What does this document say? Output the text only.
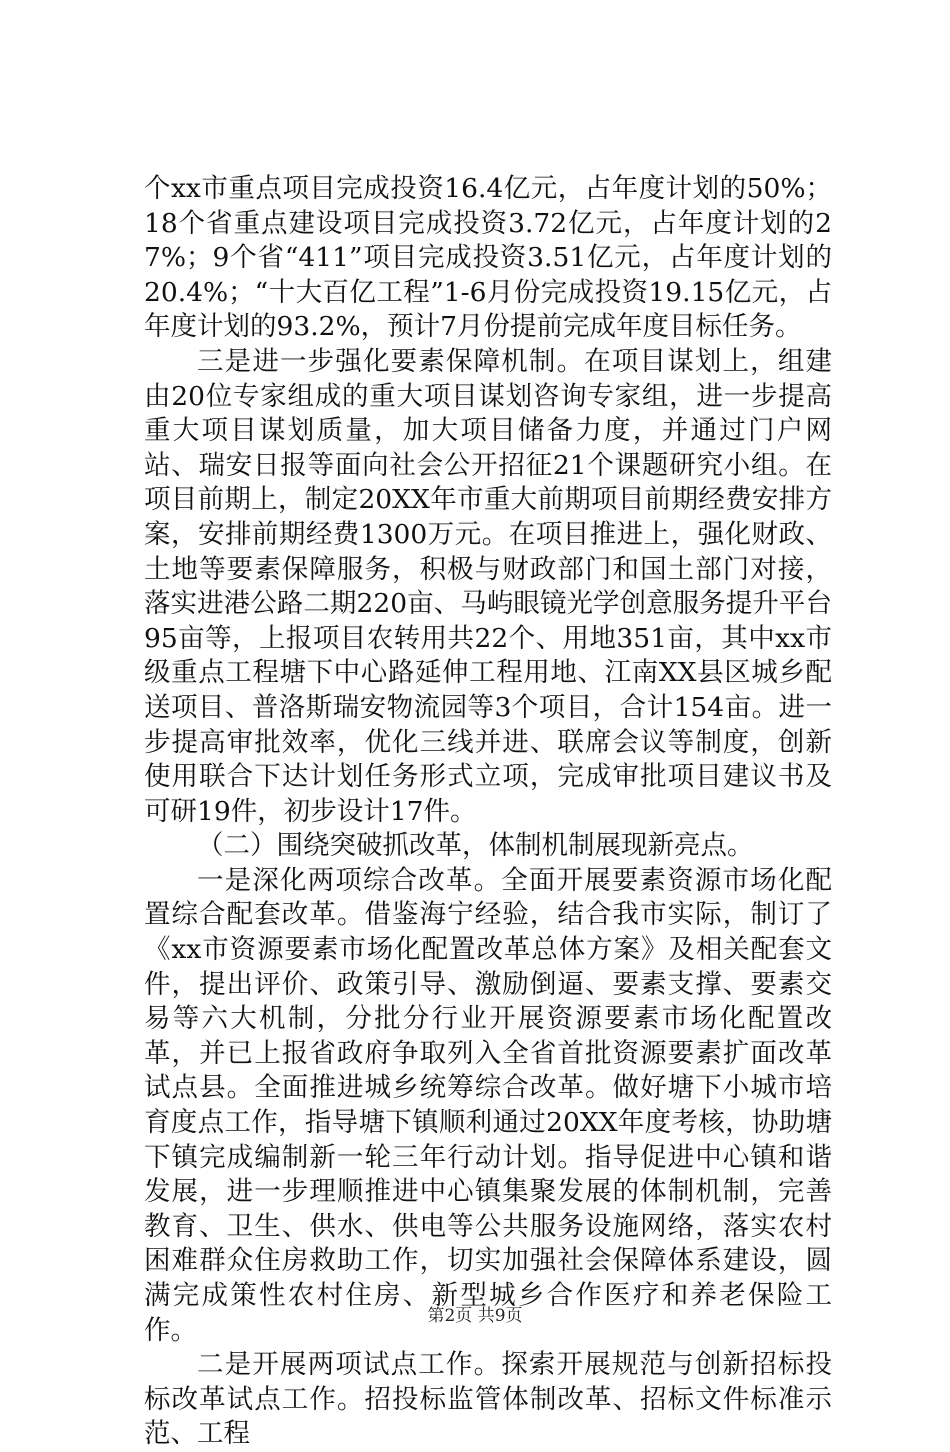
个xx市重点项目完成投资16.4亿元，占年度计划的50%；18个省重点建设项目完成投资3.72亿元，占年度计划的27%；9个省“411”项目完成投资3.51亿元，占年度计划的20.4%；“十大百亿工程”1-6月份完成投资19.15亿元，占年度计划的93.2%，预计7月份提前完成年度目标任务。

三是进一步强化要素保障机制。在项目谋划上，组建由20位专家组成的重大项目谋划咨询专家组，进一步提高重大项目谋划质量，加大项目储备力度，并通过门户网站、瑞安日报等面向社会公开招征21个课题研究小组。在项目前期上，制定20XX年市重大前期项目前期经费安排方案，安排前期经费1300万元。在项目推进上，强化财政、土地等要素保障服务，积极与财政部门和国土部门对接，落实进港公路二期220亩、马屿眼镜光学创意服务提升平台95亩等，上报项目农转用共22个、用地351亩，其中xx市级重点工程塘下中心路延伸工程用地、江南XX县区城乡配送项目、普洛斯瑞安物流园等3个项目，合计154亩。进一步提高审批效率，优化三线并进、联席会议等制度，创新使用联合下达计划任务形式立项，完成审批项目建议书及可研19件，初步设计17件。

（二）围绕突破抓改革，体制机制展现新亮点。

一是深化两项综合改革。全面开展要素资源市场化配置综合配套改革。借鉴海宁经验，结合我市实际，制订了《xx市资源要素市场化配置改革总体方案》及相关配套文件，提出评价、政策引导、激励倒逼、要素支撑、要素交易等六大机制，分批分行业开展资源要素市场化配置改革，并已上报省政府争取列入全省首批资源要素扩面改革试点县。全面推进城乡统筹综合改革。做好塘下小城市培育度点工作，指导塘下镇顺利通过20XX年度考核，协助塘下镇完成编制新一轮三年行动计划。指导促进中心镇和谐发展，进一步理顺推进中心镇集聚发展的体制机制，完善教育、卫生、供水、供电等公共服务设施网络，落实农村困难群众住房救助工作，切实加强社会保障体系建设，圆满完成策性农村住房、新型城乡合作医疗和养老保险工作。

二是开展两项试点工作。探索开展规范与创新招标投标改革试点工作。招投标监管体制改革、招标文件标准示范、工程

第2页 共9页
